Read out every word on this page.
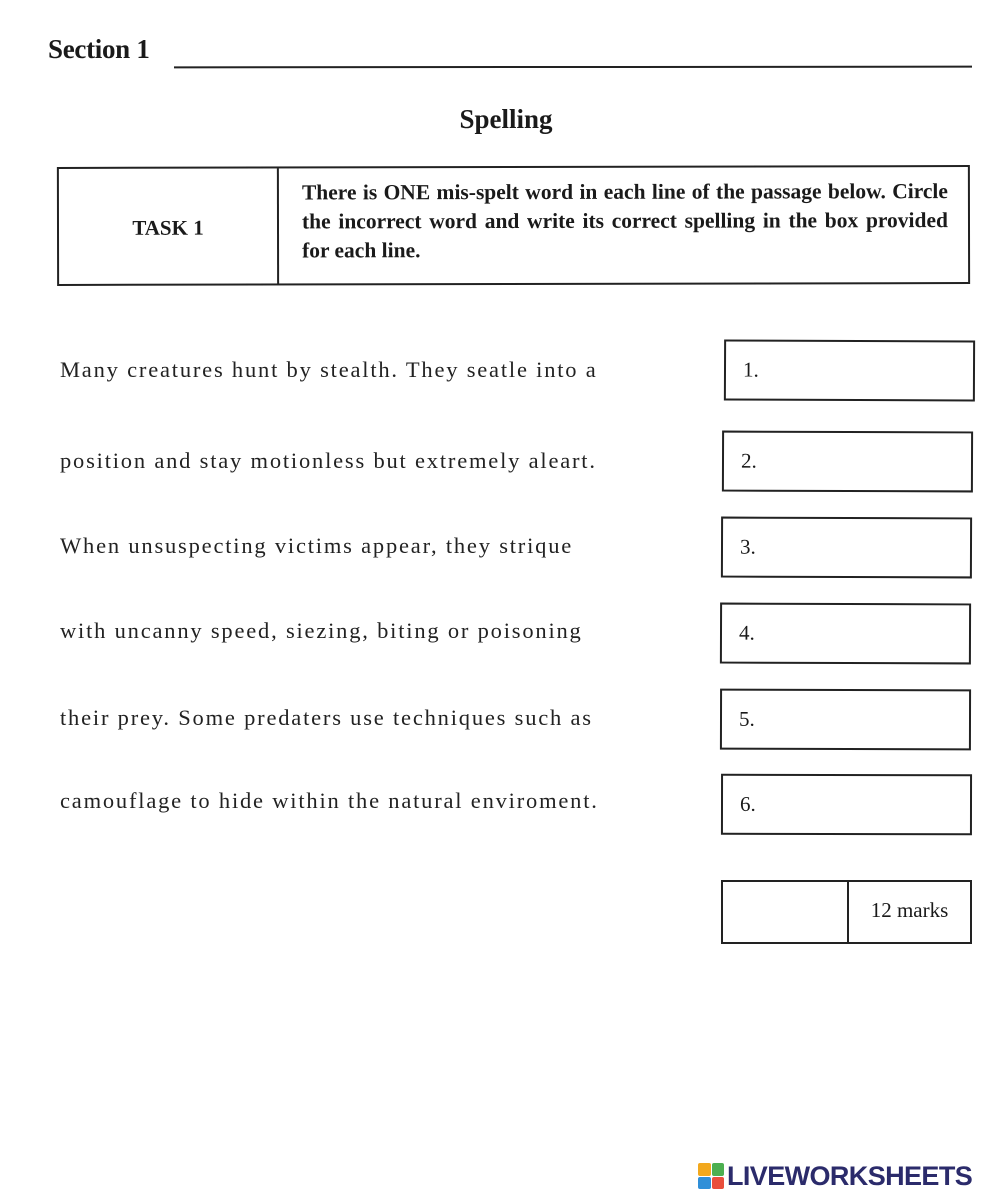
Section 1
Spelling
TASK 1
There is ONE mis-spelt word in each line of the passage below. Circle the incorrect word and write its correct spelling in the box provided for each line.
Many creatures hunt by stealth. They seatle into a
position and stay motionless but extremely aleart.
When unsuspecting victims appear, they strique
with uncanny speed, siezing, biting or poisoning
their prey. Some predaters use techniques such as
camouflage to hide within the natural enviroment.
1.
2.
3.
4.
5.
6.
12 marks
LIVEWORKSHEETS
